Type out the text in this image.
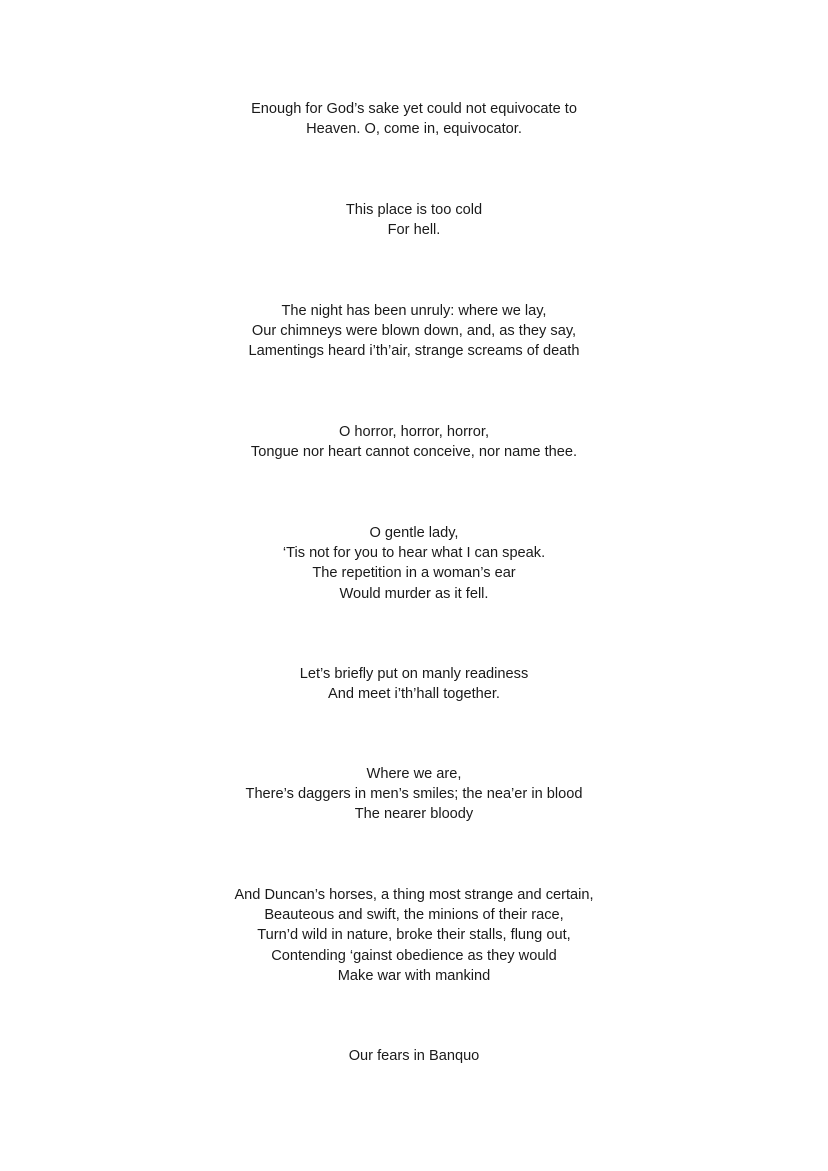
Enough for God’s sake yet could not equivocate to
Heaven. O, come in, equivocator.
This place is too cold
For hell.
The night has been unruly: where we lay,
Our chimneys were blown down, and, as they say,
Lamentings heard i’th’air, strange screams of death
O horror, horror, horror,
Tongue nor heart cannot conceive, nor name thee.
O gentle lady,
‘Tis not for you to hear what I can speak.
The repetition in a woman’s ear
Would murder as it fell.
Let’s briefly put on manly readiness
And meet i’th’hall together.
Where we are,
There’s daggers in men’s smiles; the nea’er in blood
The nearer bloody
And Duncan’s horses, a thing most strange and certain,
Beauteous and swift, the minions of their race,
Turn’d wild in nature, broke their stalls, flung out,
Contending ‘gainst obedience as they would
Make war with mankind
Our fears in Banquo
